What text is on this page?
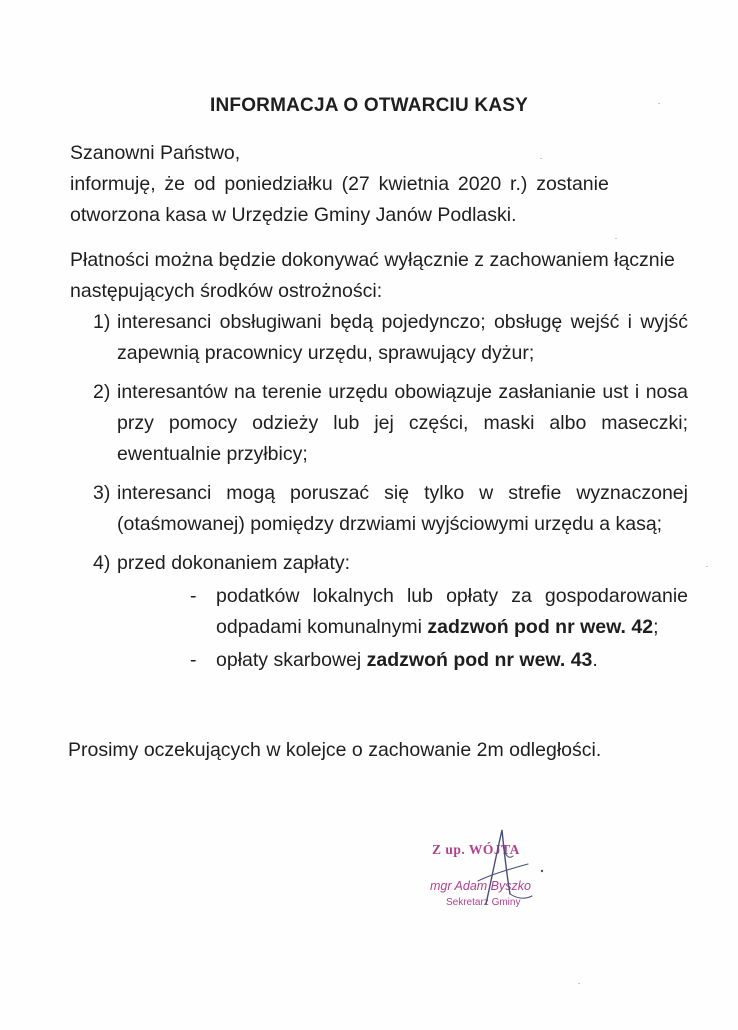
INFORMACJA O OTWARCIU KASY
Szanowni Państwo,
informuję, że od poniedziałku (27 kwietnia 2020 r.) zostanie
otworzona kasa w Urzędzie Gminy Janów Podlaski.
Płatności można będzie dokonywać wyłącznie z zachowaniem łącznie następujących środków ostrożności:
1) interesanci obsługiwani będą pojedynczo; obsługę wejść i wyjść zapewnią pracownicy urzędu, sprawujący dyżur;
2) interesantów na terenie urzędu obowiązuje zasłanianie ust i nosa przy pomocy odzieży lub jej części, maski albo maseczki; ewentualnie przyłbicy;
3) interesanci mogą poruszać się tylko w strefie wyznaczonej (otaśmowanej) pomiędzy drzwiami wyjściowymi urzędu a kasą;
4) przed dokonaniem zapłaty:
- podatków lokalnych lub opłaty za gospodarowanie odpadami komunalnymi zadzwoń pod nr wew. 42;
- opłaty skarbowej zadzwoń pod nr wew. 43.
Prosimy oczekujących w kolejce o zachowanie 2m odległości.
Z up. WÓJTA
mgr Adam Byszko
Sekretarz Gminy
